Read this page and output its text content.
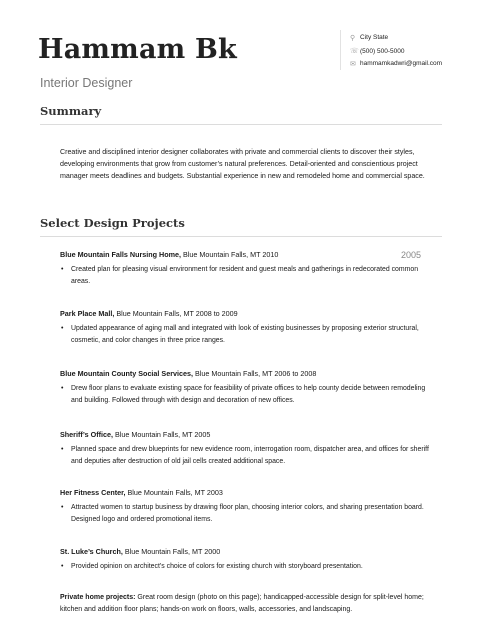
Hammam Bk
Interior Designer
⚲ City State
☏ (500) 500-5000
✉ hammamkadwri@gmail.com
Summary
Creative and disciplined interior designer collaborates with private and commercial clients to discover their styles, developing environments that grow from customer’s natural preferences. Detail-oriented and conscientious project manager meets deadlines and budgets. Substantial experience in new and remodeled home and commercial space.
Select Design Projects
2005
Blue Mountain Falls Nursing Home, Blue Mountain Falls, MT 2010
• Created plan for pleasing visual environment for resident and guest meals and gatherings in redecorated common areas.
Park Place Mall, Blue Mountain Falls, MT 2008 to 2009
• Updated appearance of aging mall and integrated with look of existing businesses by proposing exterior structural, cosmetic, and color changes in three price ranges.
Blue Mountain County Social Services, Blue Mountain Falls, MT 2006 to 2008
• Drew floor plans to evaluate existing space for feasibility of private offices to help county decide between remodeling and building. Followed through with design and decoration of new offices.
Sheriff’s Office, Blue Mountain Falls, MT 2005
• Planned space and drew blueprints for new evidence room, interrogation room, dispatcher area, and offices for sheriff and deputies after destruction of old jail cells created additional space.
Her Fitness Center, Blue Mountain Falls, MT 2003
• Attracted women to startup business by drawing floor plan, choosing interior colors, and sharing presentation board. Designed logo and ordered promotional items.
St. Luke’s Church, Blue Mountain Falls, MT 2000
• Provided opinion on architect’s choice of colors for existing church with storyboard presentation.
Private home projects: Great room design (photo on this page); handicapped-accessible design for split-level home; kitchen and addition floor plans; hands-on work on floors, walls, accessories, and landscaping.
